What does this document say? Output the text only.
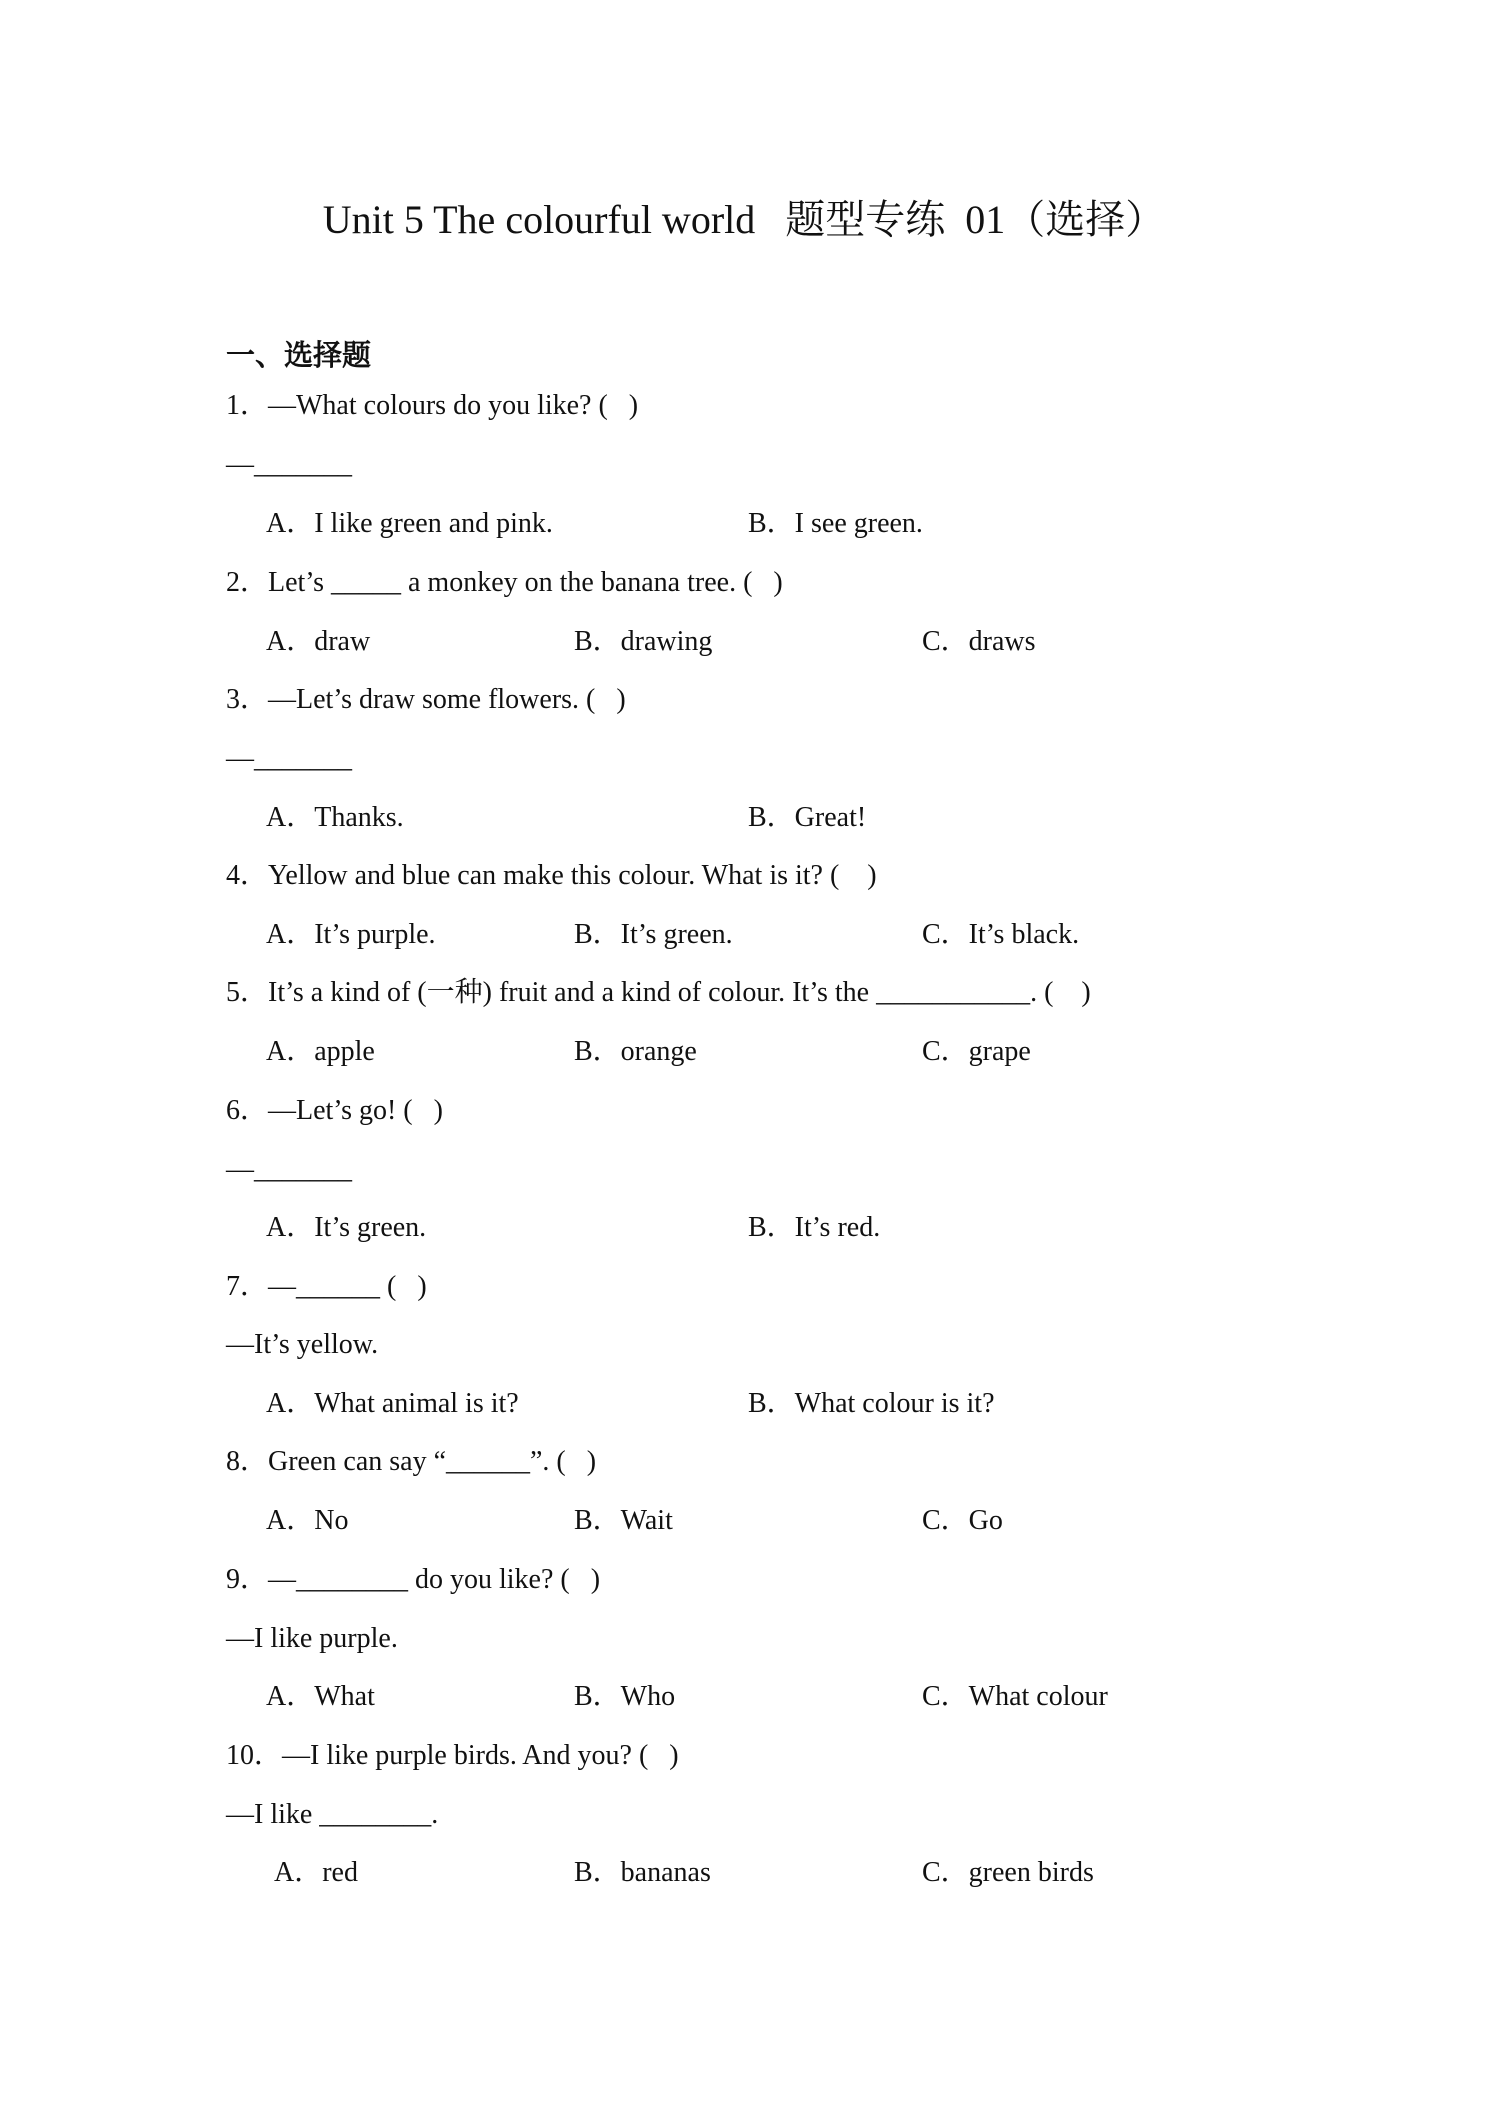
Unit 5 The colourful world   题型专练  01（选择）
一、选择题
1．—What colours do you like? (   )
—_______
A．I like green and pink.	B．I see green.
2．Let’s _____ a monkey on the banana tree. (   )
A．draw	B．drawing	C．draws
3．—Let’s draw some flowers. (   )
—_______
A．Thanks.	B．Great!
4．Yellow and blue can make this colour. What is it? (    )
A．It’s purple.	B．It’s green.	C．It’s black.
5．It’s a kind of (一种) fruit and a kind of colour. It’s the ___________. (    )
A．apple	B．orange	C．grape
6．—Let’s go! (   )
—_______
A．It’s green.	B．It’s red.
7．—______ (   )
—It’s yellow.
A．What animal is it?	B．What colour is it?
8．Green can say “______”. (   )
A．No	B．Wait	C．Go
9．—________ do you like? (   )
—I like purple.
A．What	B．Who	C．What colour
10．—I like purple birds. And you? (   )
—I like ________.
A．red	B．bananas	C．green birds
